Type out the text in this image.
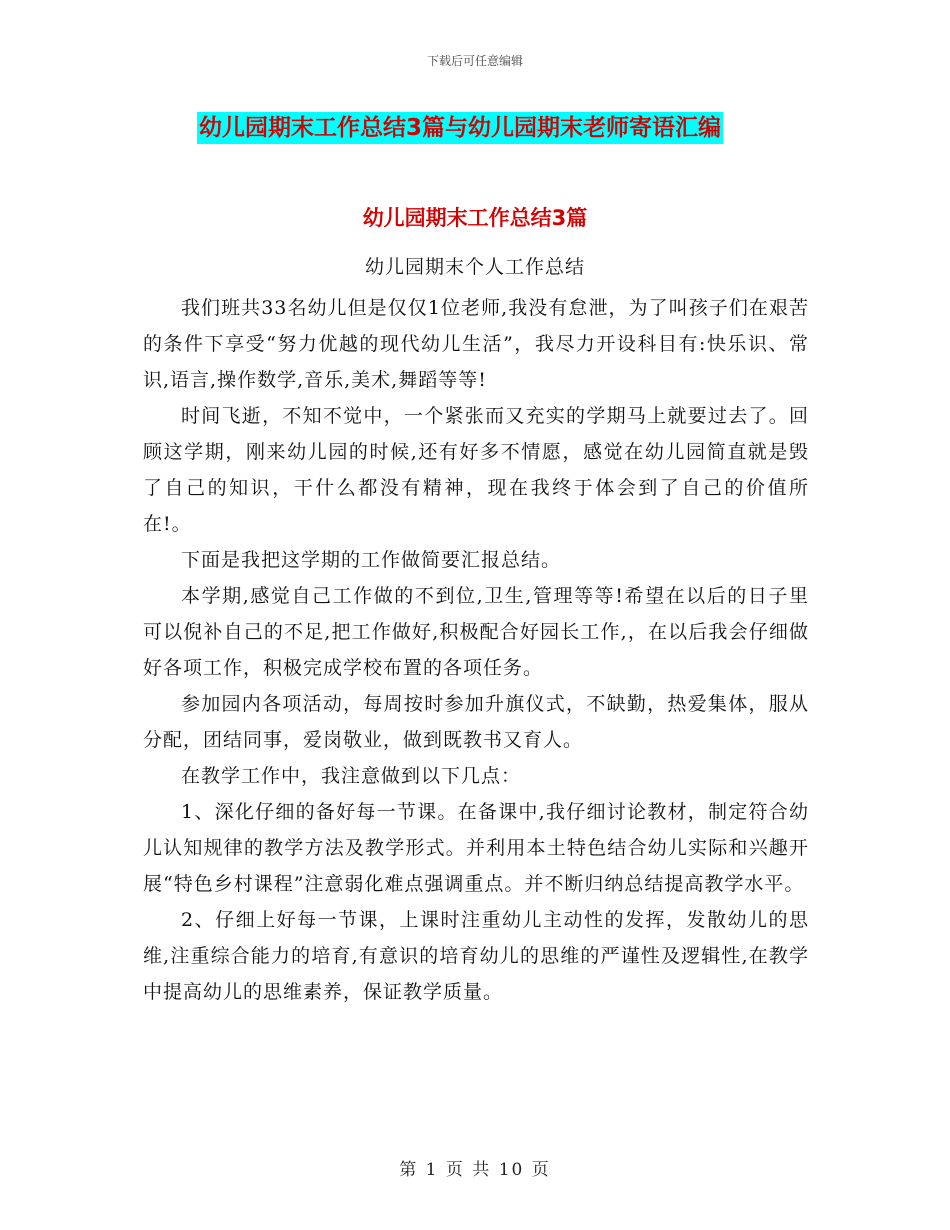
下载后可任意编辑
幼儿园期末工作总结3篇与幼儿园期末老师寄语汇编
幼儿园期末工作总结3篇
幼儿园期末个人工作总结

我们班共33名幼儿但是仅仅1位老师,我没有怠泄，为了叫孩子们在艰苦的条件下享受“努力优越的现代幼儿生活”，我尽力开设科目有:快乐识、常识,语言,操作数学,音乐,美术,舞蹈等等!

时间飞逝，不知不觉中，一个紧张而又充实的学期马上就要过去了。回顾这学期，刚来幼儿园的时候,还有好多不情愿，感觉在幼儿园简直就是毁了自己的知识，干什么都没有精神，现在我终于体会到了自己的价值所在!。

下面是我把这学期的工作做简要汇报总结。

本学期,感觉自己工作做的不到位,卫生,管理等等!希望在以后的日子里可以倪补自己的不足,把工作做好,积极配合好园长工作,，在以后我会仔细做好各项工作，积极完成学校布置的各项任务。

参加园内各项活动，每周按时参加升旗仪式，不缺勤，热爱集体，服从分配，团结同事，爱岗敬业，做到既教书又育人。

在教学工作中，我注意做到以下几点：

1、深化仔细的备好每一节课。在备课中,我仔细讨论教材，制定符合幼儿认知规律的教学方法及教学形式。并利用本土特色结合幼儿实际和兴趣开展“特色乡村课程”注意弱化难点强调重点。并不断归纳总结提高教学水平。

2、仔细上好每一节课，上课时注重幼儿主动性的发挥，发散幼儿的思维,注重综合能力的培育,有意识的培育幼儿的思维的严谨性及逻辑性,在教学中提高幼儿的思维素养，保证教学质量。

第 1 页 共 10 页
